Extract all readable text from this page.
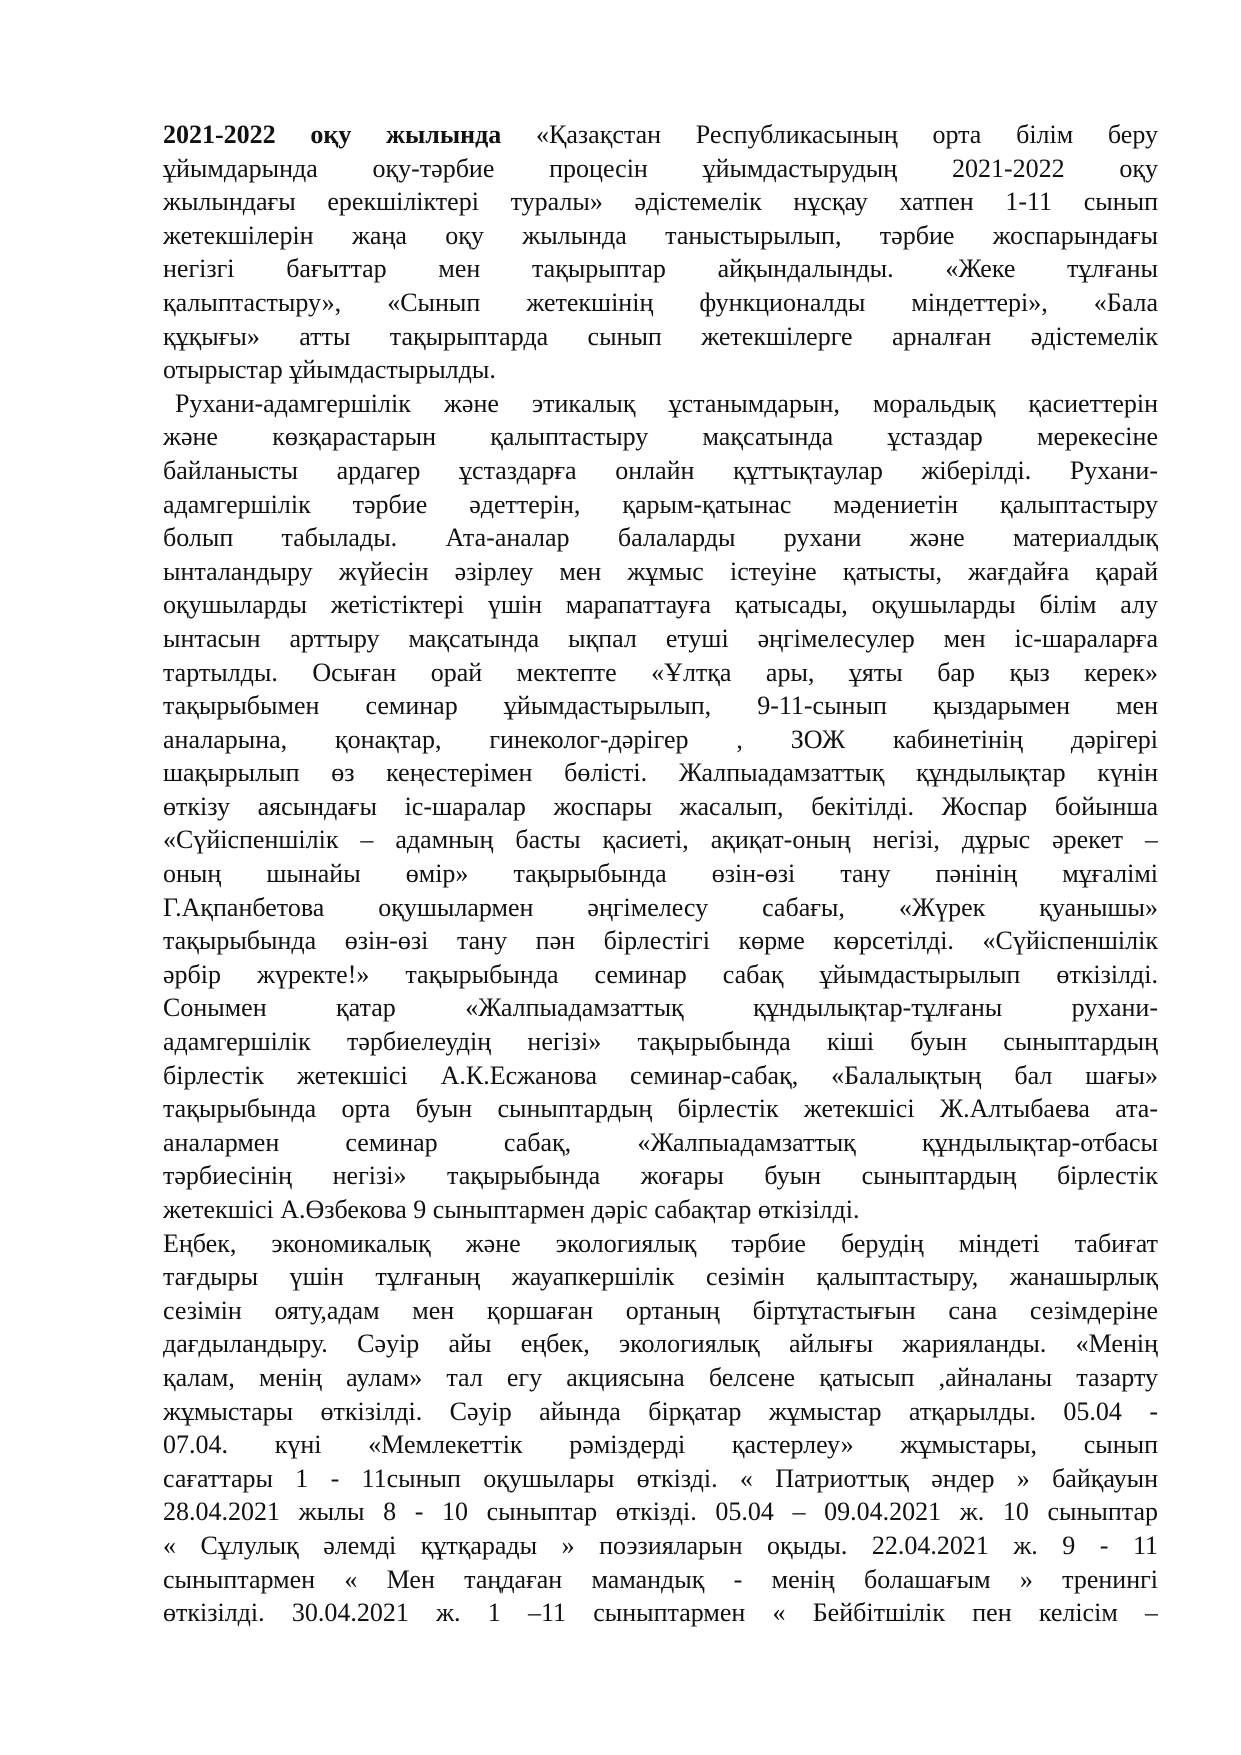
2021-2022 оқу жылында «Қазақстан Республикасының орта білім беру
ұйымдарында оқу-тәрбие процесін ұйымдастырудың 2021-2022 оқу
жылындағы ерекшіліктері туралы» әдістемелік нұсқау хатпен 1-11 сынып
жетекшілерін жаңа оқу жылында таныстырылып, тәрбие жоспарындағы
негізгі бағыттар мен тақырыптар айқындалынды. «Жеке тұлғаны
қалыптастыру», «Сынып жетекшінің функционалды міндеттері», «Бала
құқығы» атты тақырыптарда сынып жетекшілерге арналған әдістемелік
отырыстар ұйымдастырылды.
Рухани-адамгершілік және этикалық ұстанымдарын, моральдық қасиеттерін
және көзқарастарын қалыптастыру мақсатында ұстаздар мерекесіне
байланысты ардагер ұстаздарға онлайн құттықтаулар жіберілді. Рухани-
адамгершілік тәрбие әдеттерін, қарым-қатынас мәдениетін қалыптастыру
болып табылады. Ата-аналар балаларды рухани және материалдық
ынталандыру жүйесін әзірлеу мен жұмыс істеуіне қатысты, жағдайға қарай
оқушыларды жетістіктері үшін марапаттауға қатысады, оқушыларды білім алу
ынтасын арттыру мақсатында ықпал етуші әңгімелесулер мен іс-шараларға
тартылды. Осыған орай мектепте «Ұлтқа ары, ұяты бар қыз керек»
тақырыбымен семинар ұйымдастырылып, 9-11-сынып қыздарымен мен
аналарына, қонақтар, гинеколог-дәрігер , ЗОЖ кабинетінің дәрігері
шақырылып өз кеңестерімен бөлісті. Жалпыадамзаттық құндылықтар күнін
өткізу аясындағы іс-шаралар жоспары жасалып, бекітілді. Жоспар бойынша
«Сүйіспеншілік – адамның басты қасиеті, ақиқат-оның негізі, дұрыс әрекет –
оның шынайы өмір» тақырыбында өзін-өзі тану пәнінің мұғалімі
Г.Ақпанбетова оқушылармен әңгімелесу сабағы, «Жүрек қуанышы»
тақырыбында өзін-өзі тану пән бірлестігі көрме көрсетілді. «Сүйіспеншілік
әрбір жүректе!» тақырыбында семинар сабақ ұйымдастырылып өткізілді.
Сонымен қатар «Жалпыадамзаттық құндылықтар-тұлғаны рухани-
адамгершілік тәрбиелеудің негізі» тақырыбында кіші буын сыныптардың
бірлестік жетекшісі А.К.Есжанова семинар-сабақ, «Балалықтың бал шағы»
тақырыбында орта буын сыныптардың бірлестік жетекшісі Ж.Алтыбаева ата-
аналармен семинар сабақ, «Жалпыадамзаттық құндылықтар-отбасы
тәрбиесінің негізі» тақырыбында жоғары буын сыныптардың бірлестік
жетекшісі А.Өзбекова 9 сыныптармен дәріс сабақтар өткізілді.
Еңбек, экономикалық және экологиялық тәрбие берудің міндеті табиғат
тағдыры үшін тұлғаның жауапкершілік сезімін қалыптастыру, жанашырлық
сезімін ояту,адам мен қоршаған ортаның біртұтастығын сана сезімдеріне
дағдыландыру. Сәуір айы еңбек, экологиялық айлығы жарияланды. «Менің
қалам, менің аулам» тал егу акциясына белсене қатысып ,айналаны тазарту
жұмыстары өткізілді. Сәуір айында бірқатар жұмыстар атқарылды. 05.04 -
07.04. күні «Мемлекеттік рәміздерді қастерлеу» жұмыстары, сынып
сағаттары 1 - 11сынып оқушылары өткізді. « Патриоттық әндер » байқауын
28.04.2021 жылы 8 - 10 сыныптар өткізді. 05.04 – 09.04.2021 ж. 10 сыныптар
« Сұлулық әлемді құтқарады » поэзияларын оқыды. 22.04.2021 ж. 9 - 11
сыныптармен « Мен таңдаған мамандық - менің болашағым » тренингі
өткізілді. 30.04.2021 ж. 1 –11 сыныптармен « Бейбітшілік пен келісім –
